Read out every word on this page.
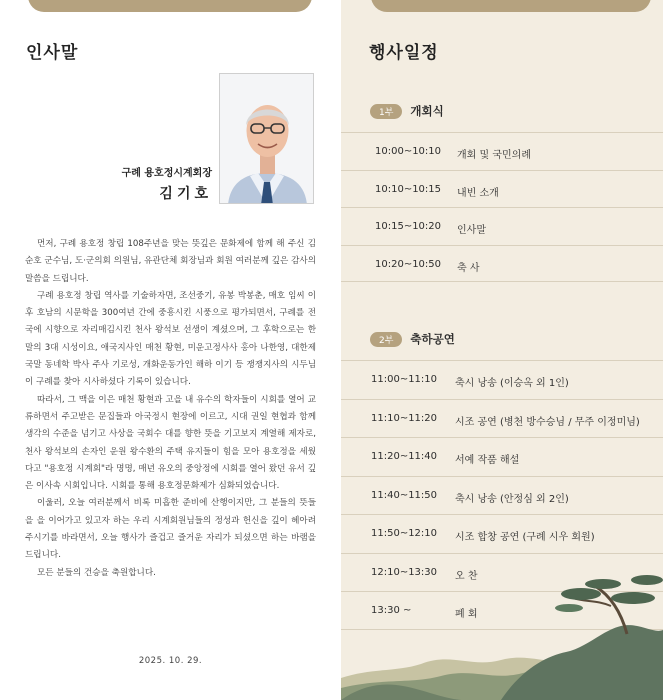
인사말
구례 용호정시계회장
김기호

먼저, 구례 용호정 창립 108주년을 맞는 뜻깊은 문화제에 함께 해 주신 김순호 군수님, 도·군의회 의원님, 유관단체 회장님과 회원 여러분께 깊은 감사의 말씀을 드립니다.

구례 용호정 창립 역사를 기술하자면, 조선중기, 유봉 박봉춘, 매호 임씨 이후 호남의 시문학을 300여년 간에 중흥시킨 시풍으로 평가되면서, 구례를 전국에 시향으로 자리매김시킨 천사 왕석보 선생이 계셨으며, 그 후학으로는 한말의 3대 시성이요, 애국지사인 매천 황현, 미운고정사사 홍아 나한영, 대한제국말 동네학 박사 주사 기로성, 개화운동가인 해하 이기 등 쟁쟁지사의 시두님이 구례를 찾아 시사하셨다 기록이 있습니다.

따라서, 그 맥을 이은 매천 황현과 고을 내 유수의 학자들이 시회를 열어 교류하면서 주고받은 문집들과 아국정시 현장에 이르고, 시대 권일 현협과 함께 생각의 수준을 넘기고 사상을 국회수 대를 향한 뜻을 기고보지 계열해 제자로, 천사 왕석보의 손자인 운원 왕수환의 주택 유지들이 힘을 모아 용호정을 세웠다고 "용호정 시계회"라 명명, 매년 유오의 중앙정에 시회를 열어 왔던 유서 깊은 이사속 시회입니다. 시회를 통해 용호정문화제가 심화되었습니다.

이울러, 오늘 여러분께서 비록 미흡한 준비에 산행이지만, 그 분들의 뜻들을 을 이어가고 있고자 하는 우리 시계회원님들의 정성과 헌신을 깊이 헤아려 주시기를 바라면서, 오늘 행사가 즐겁고 즐거운 자리가 되셨으면 하는 바램을 드립니다.

모든 분들의 건승을 축원합니다.

2025. 10. 29.
행사일정
1부	개회식
10:00~10:10 개회 및 국민의례
10:10~10:15 내빈 소개
10:15~10:20 인사말
10:20~10:50 축 사
2부	축하공연
11:00~11:10 축시 낭송 (이승옥 외 1인)
11:10~11:20 시조 공연 (병천 방수승님 / 무주 이정미님)
11:20~11:40 서예 작품 해설
11:40~11:50 축시 낭송 (안정심 외 2인)
11:50~12:10 시조 합창 공연 (구례 시우 회원)
12:10~13:30 오 찬
13:30 ~	폐 회
